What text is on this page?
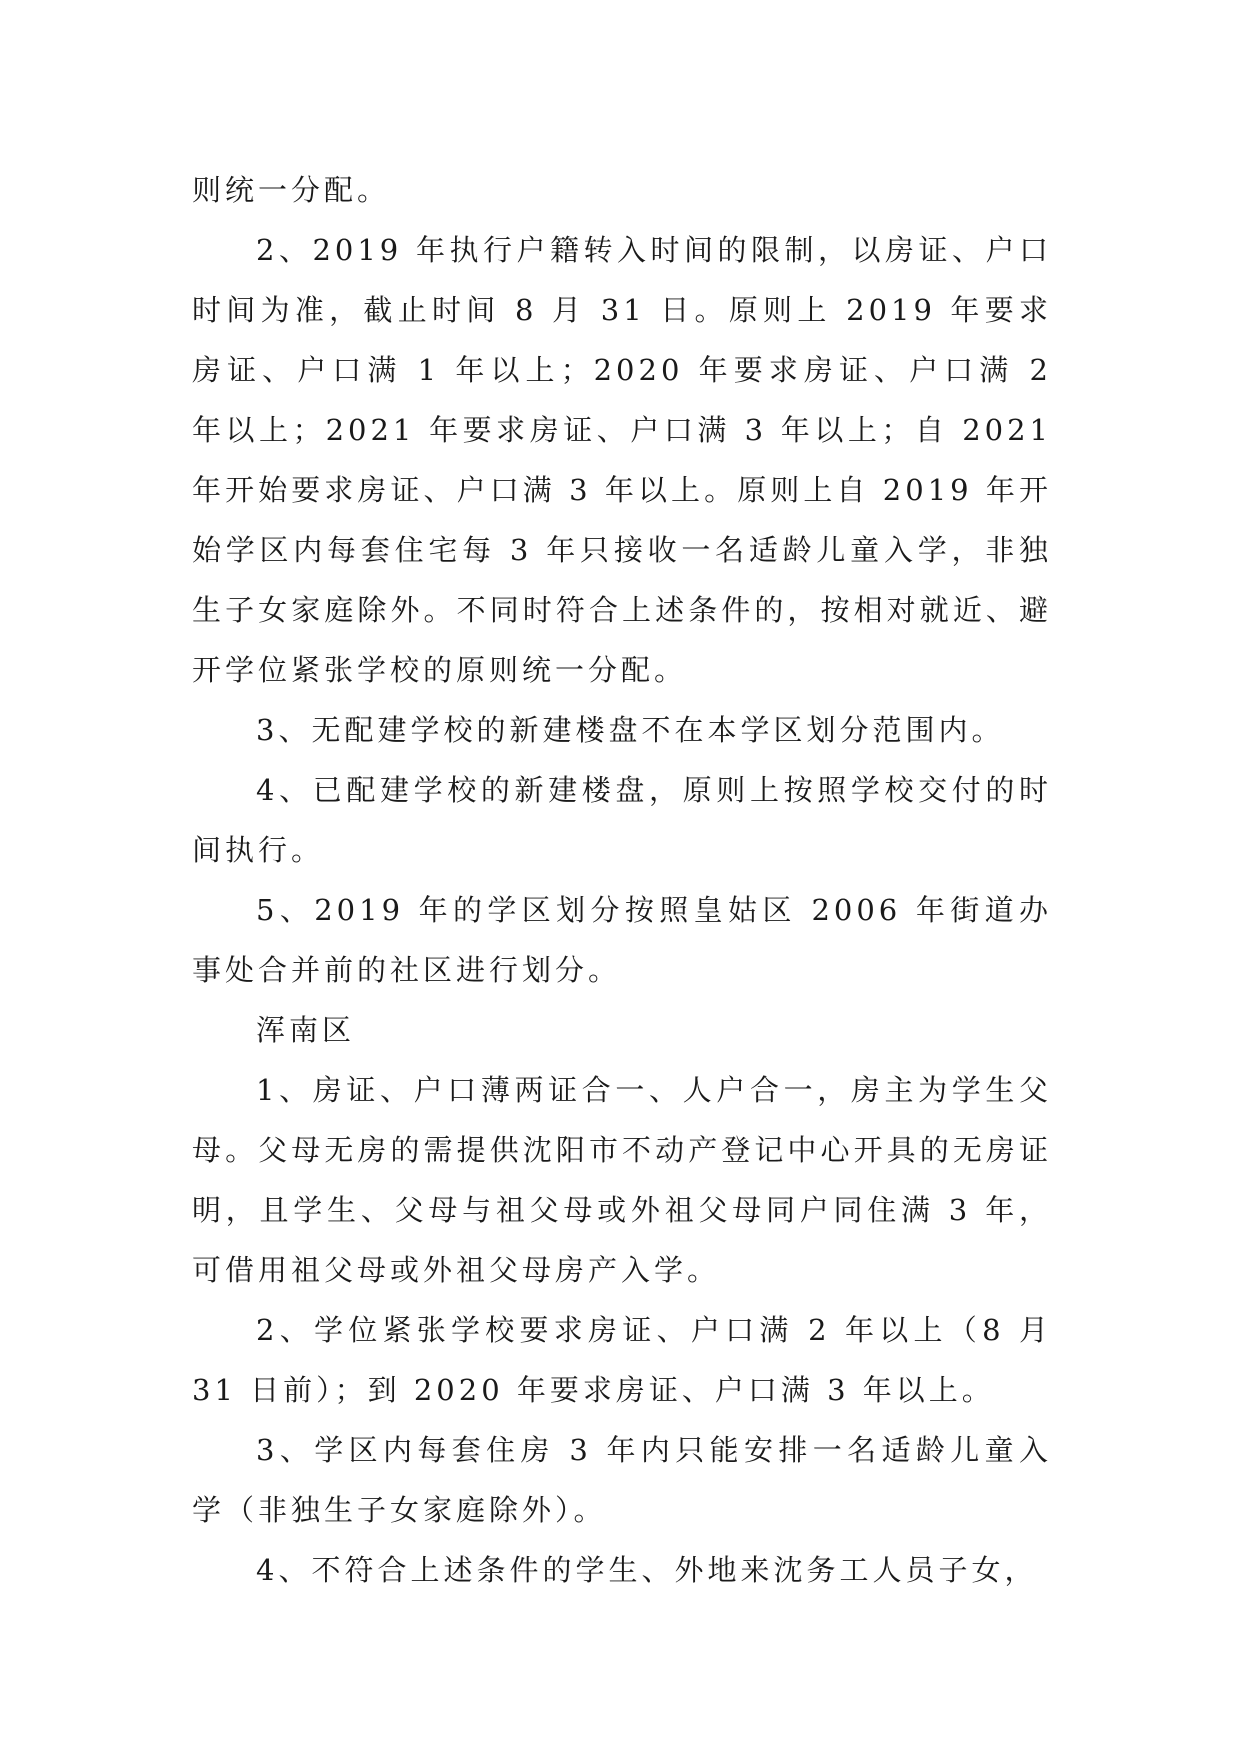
则统一分配。

2、2019 年执行户籍转入时间的限制，以房证、户口时间为准，截止时间 8 月 31 日。原则上 2019 年要求房证、户口满 1 年以上；2020 年要求房证、户口满 2 年以上；2021 年要求房证、户口满 3 年以上；自 2021 年开始要求房证、户口满 3 年以上。原则上自 2019 年开始学区内每套住宅每 3 年只接收一名适龄儿童入学，非独生子女家庭除外。不同时符合上述条件的，按相对就近、避开学位紧张学校的原则统一分配。

3、无配建学校的新建楼盘不在本学区划分范围内。

4、已配建学校的新建楼盘，原则上按照学校交付的时间执行。

5、2019 年的学区划分按照皇姑区 2006 年街道办事处合并前的社区进行划分。

浑南区

1、房证、户口薄两证合一、人户合一，房主为学生父母。父母无房的需提供沈阳市不动产登记中心开具的无房证明，且学生、父母与祖父母或外祖父母同户同住满 3 年，可借用祖父母或外祖父母房产入学。

2、学位紧张学校要求房证、户口满 2 年以上（8 月 31 日前）；到 2020 年要求房证、户口满 3 年以上。

3、学区内每套住房 3 年内只能安排一名适龄儿童入学（非独生子女家庭除外）。

4、不符合上述条件的学生、外地来沈务工人员子女，
